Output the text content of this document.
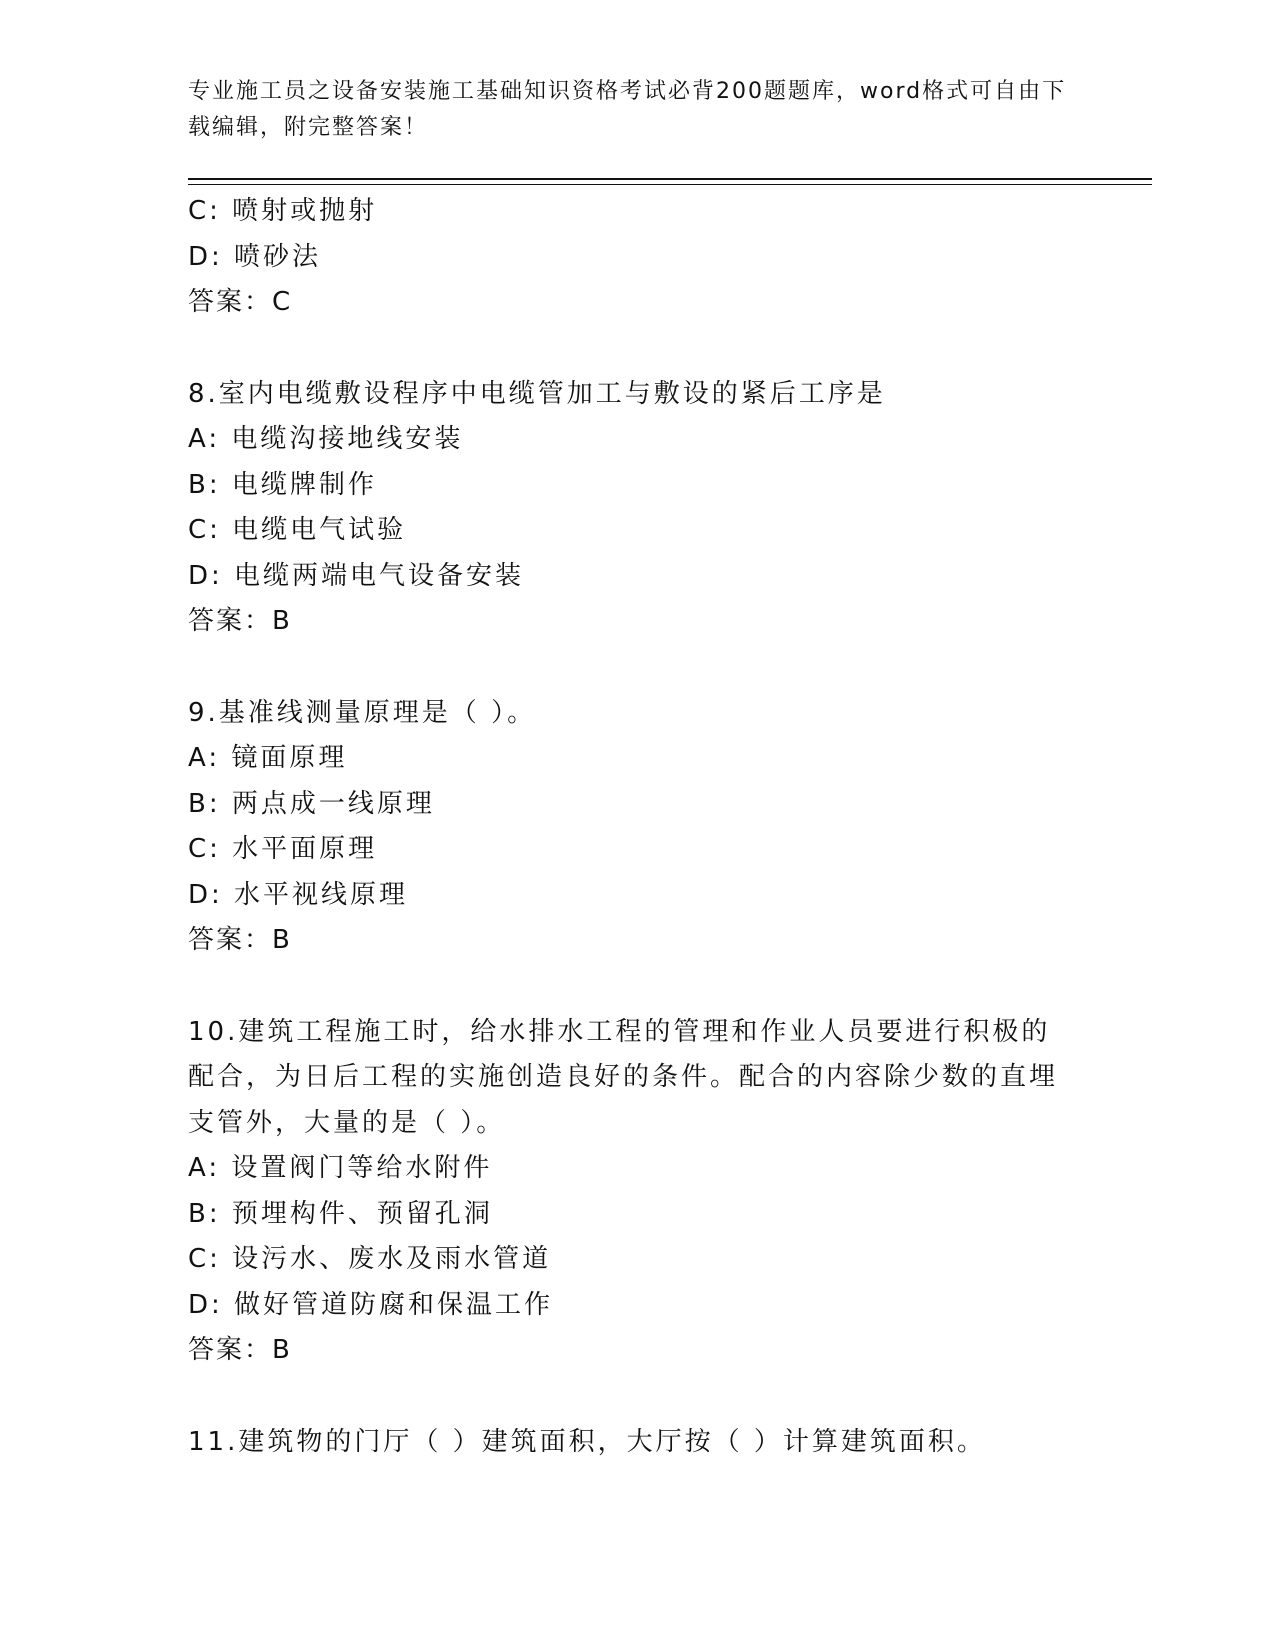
专业施工员之设备安装施工基础知识资格考试必背200题题库，word格式可自由下载编辑，附完整答案！
C: 喷射或抛射
D: 喷砂法
答案：C
8.室内电缆敷设程序中电缆管加工与敷设的紧后工序是
A: 电缆沟接地线安装
B: 电缆牌制作
C: 电缆电气试验
D: 电缆两端电气设备安装
答案：B
9.基准线测量原理是（ ）。
A: 镜面原理
B: 两点成一线原理
C: 水平面原理
D: 水平视线原理
答案：B
10.建筑工程施工时，给水排水工程的管理和作业人员要进行积极的配合，为日后工程的实施创造良好的条件。配合的内容除少数的直埋支管外，大量的是（ ）。
A: 设置阀门等给水附件
B: 预埋构件、预留孔洞
C: 设污水、废水及雨水管道
D: 做好管道防腐和保温工作
答案：B
11.建筑物的门厅（ ）建筑面积，大厅按（ ）计算建筑面积。
